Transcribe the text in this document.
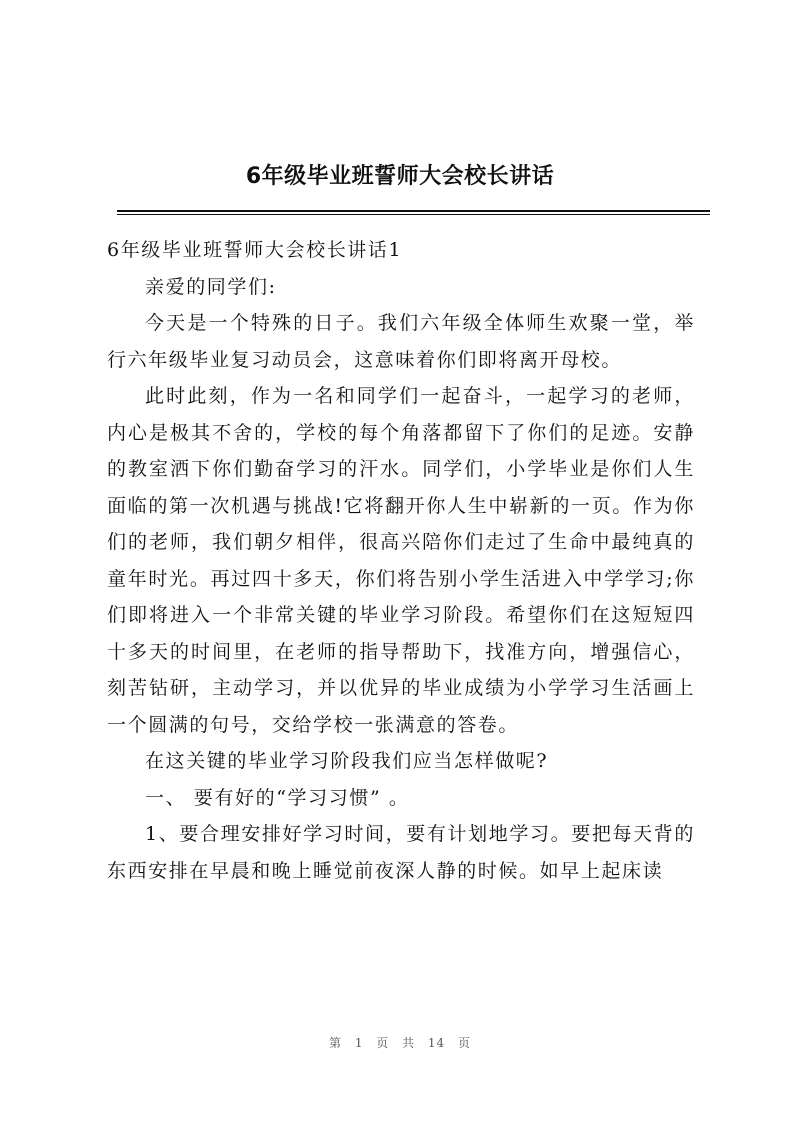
6年级毕业班誓师大会校长讲话

6年级毕业班誓师大会校长讲话1

亲爱的同学们:

今天是一个特殊的日子。我们六年级全体师生欢聚一堂，举行六年级毕业复习动员会，这意味着你们即将离开母校。

此时此刻，作为一名和同学们一起奋斗，一起学习的老师，内心是极其不舍的，学校的每个角落都留下了你们的足迹。安静的教室洒下你们勤奋学习的汗水。同学们，小学毕业是你们人生面临的第一次机遇与挑战!它将翻开你人生中崭新的一页。作为你们的老师，我们朝夕相伴，很高兴陪你们走过了生命中最纯真的童年时光。再过四十多天，你们将告别小学生活进入中学学习;你们即将进入一个非常关键的毕业学习阶段。希望你们在这短短四十多天的时间里，在老师的指导帮助下，找准方向，增强信心，刻苦钻研，主动学习，并以优异的毕业成绩为小学学习生活画上一个圆满的句号，交给学校一张满意的答卷。

在这关键的毕业学习阶段我们应当怎样做呢?

一、 要有好的“学习习惯” 。

1、要合理安排好学习时间，要有计划地学习。要把每天背的东西安排在早晨和晚上睡觉前夜深人静的时候。如早上起床读

第 1 页 共 14 页
